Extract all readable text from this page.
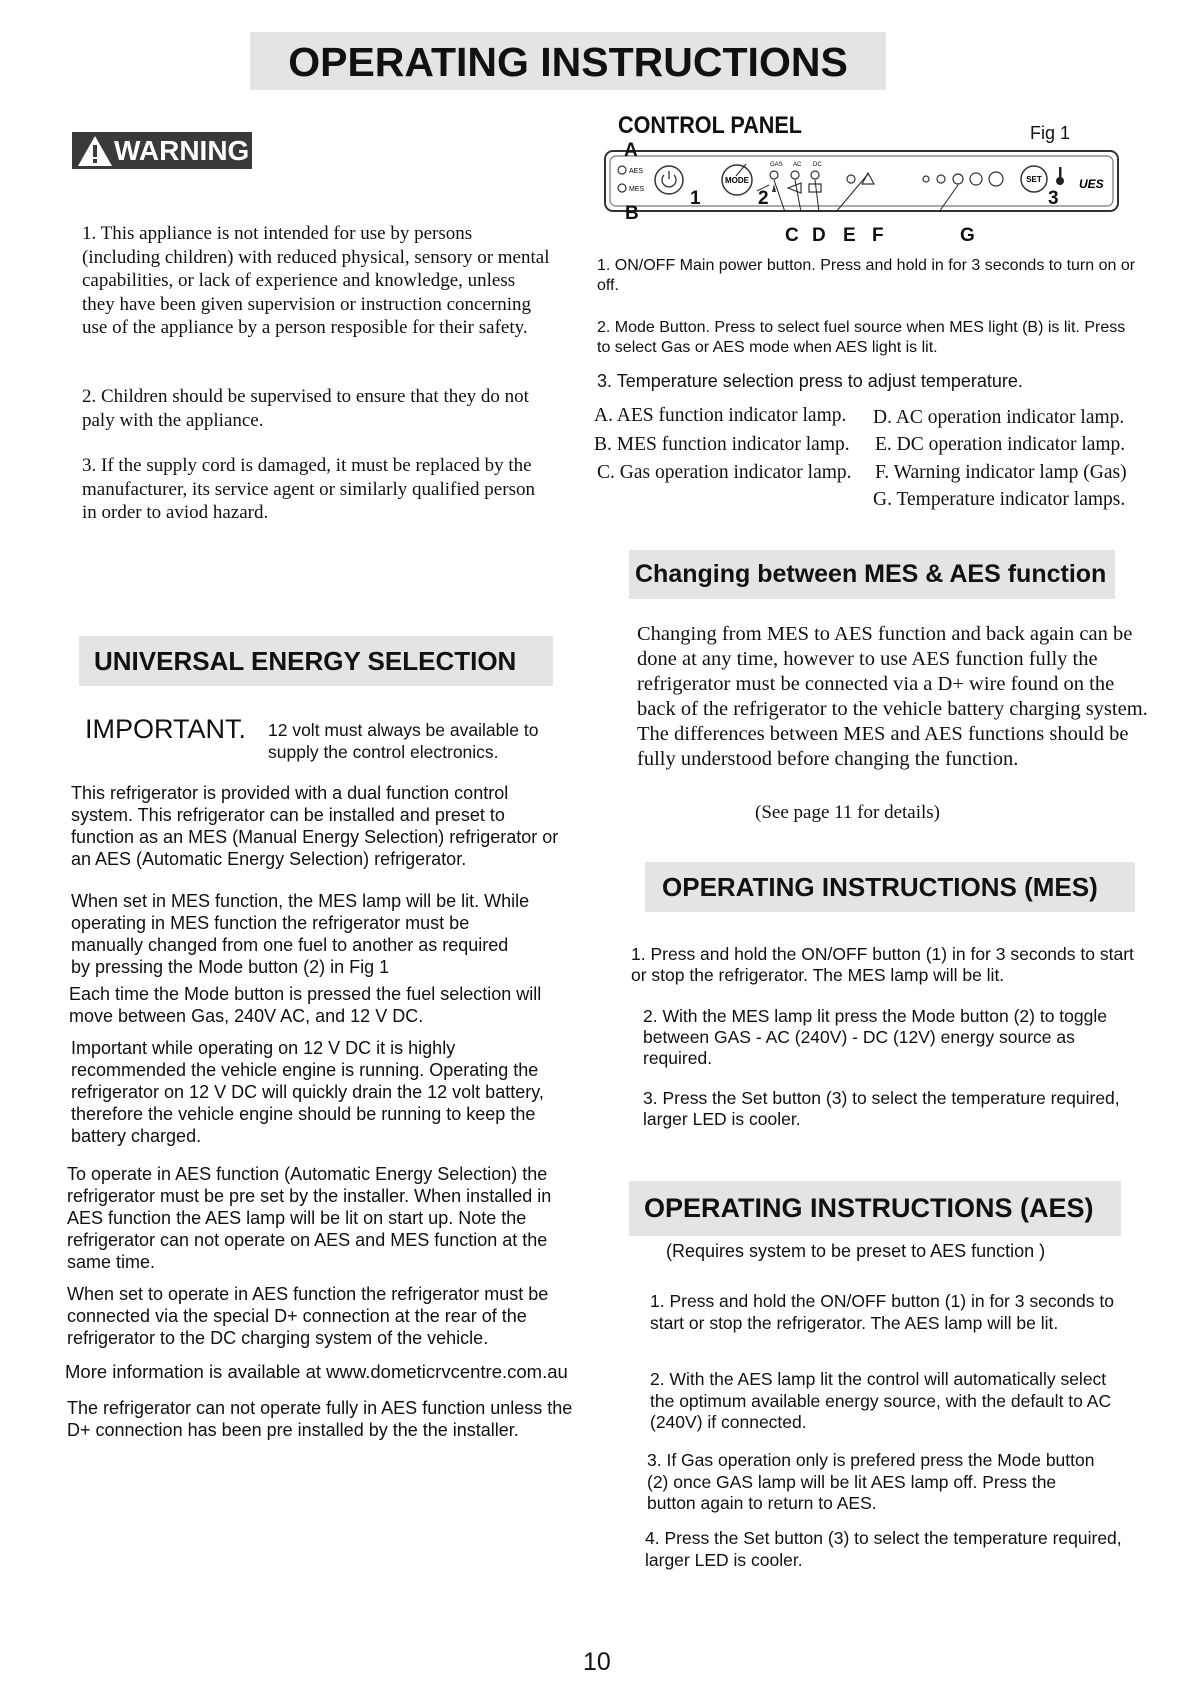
OPERATING INSTRUCTIONS
WARNING

1. This appliance is not intended for use by persons (including children) with reduced physical, sensory or mental capabilities, or lack of experience and knowledge, unless they have been given supervision or instruction concerning use of the appliance by a person resposible for their safety.

2. Children should be supervised to ensure that they do not paly with the appliance.

3. If the supply cord is damaged, it must be replaced by the manufacturer, its service agent or similarly qualified person in order to aviod hazard.

CONTROL PANEL	Fig 1
AES
MES
MODE
GAS AC DC
SET	UES
A
B
1	2	3
C D E F	G

1. ON/OFF Main power button. Press and hold in for 3 seconds to turn on or off.

2. Mode Button. Press to select fuel source when MES light (B) is lit. Press to select Gas or AES mode when AES light is lit.

3. Temperature selection press to adjust temperature.

A. AES function indicator lamp.
B. MES function indicator lamp.
C. Gas operation indicator lamp.
D. AC operation indicator lamp.
E. DC operation indicator lamp.
F. Warning indicator lamp (Gas)
G. Temperature indicator lamps.
Changing between MES & AES function

Changing from MES to AES function and back again can be done at any time, however to use AES function fully the refrigerator must be connected via a D+ wire found on the back of the refrigerator to the vehicle battery charging system.

The differences between MES and AES functions should be fully understood before changing the function.

(See page 11 for details)
UNIVERSAL ENERGY SELECTION
IMPORTANT. 12 volt must always be available to supply the control electronics.

This refrigerator is provided with a dual function control system. This refrigerator can be installed and preset to function as an MES (Manual Energy Selection) refrigerator or an AES (Automatic Energy Selection) refrigerator.

When set in MES function, the MES lamp will be lit. While operating in MES function the refrigerator must be manually changed from one fuel to another as required by pressing the Mode button (2) in Fig 1

Each time the Mode button is pressed the fuel selection will move between Gas, 240V AC, and 12 V DC.

Important while operating on 12 V DC it is highly recommended the vehicle engine is running. Operating the refrigerator on 12 V DC will quickly drain the 12 volt battery, therefore the vehicle engine should be running to keep the battery charged.

To operate in AES function (Automatic Energy Selection) the refrigerator must be pre set by the installer. When installed in AES function the AES lamp will be lit on start up. Note the refrigerator can not operate on AES and MES function at the same time.

When set to operate in AES function the refrigerator must be connected via the special D+ connection at the rear of the refrigerator to the DC charging system of the vehicle.

More information is available at www.dometicrvcentre.com.au

The refrigerator can not operate fully in AES function unless the D+ connection has been pre installed by the the installer.

OPERATING INSTRUCTIONS (MES)

1. Press and hold the ON/OFF button (1) in for 3 seconds to start or stop the refrigerator. The MES lamp will be lit.

2. With the MES lamp lit press the Mode button (2) to toggle between GAS - AC (240V) - DC (12V) energy source as required.

3. Press the Set button (3) to select the temperature required, larger LED is cooler.

OPERATING INSTRUCTIONS (AES)
(Requires system to be preset to AES function )

1. Press and hold the ON/OFF button (1) in for 3 seconds to start or stop the refrigerator. The AES lamp will be lit.

2. With the AES lamp lit the control will automatically select the optimum available energy source, with the default to AC (240V) if connected.

3. If Gas operation only is prefered press the Mode button (2) once GAS lamp will be lit AES lamp off. Press the button again to return to AES.

4. Press the Set button (3) to select the temperature required, larger LED is cooler.

10
